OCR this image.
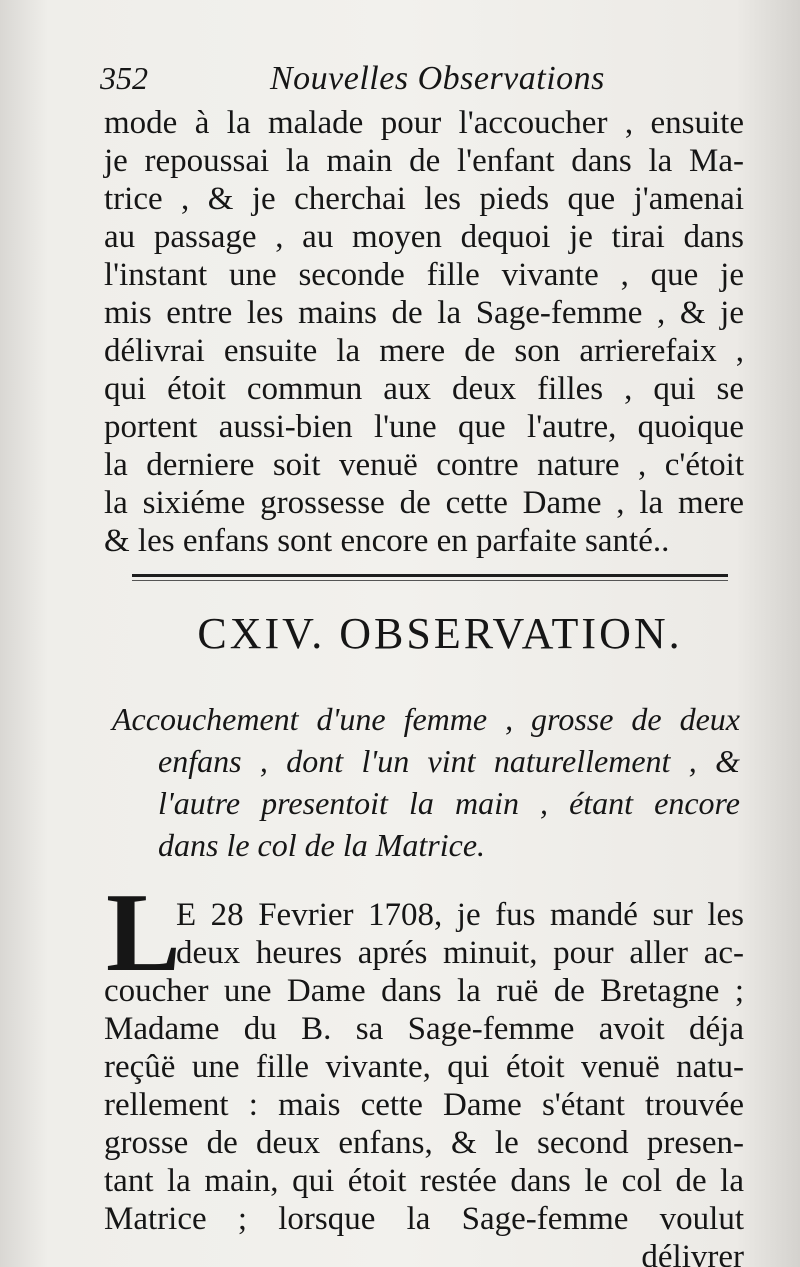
352	Nouvelles Observations
mode à la malade pour l'accoucher , ensuite
je repoussai la main de l'enfant dans la Ma-
trice , & je cherchai les pieds que j'amenai
au passage , au moyen dequoi je tirai dans
l'instant une seconde fille vivante , que je
mis entre les mains de la Sage-femme , & je
délivrai ensuite la mere de son arrierefaix ,
qui étoit commun aux deux filles , qui se
portent aussi-bien l'une que l'autre, quoique
la derniere soit venuë contre nature , c'étoit
la sixiéme grossesse de cette Dame , la mere
& les enfans sont encore en parfaite santé..
CXIV. OBSERVATION.
Accouchement d'une femme , grosse de deux
enfans , dont l'un vint naturellement , &
l'autre presentoit la main , étant encore
dans le col de la Matrice.
L
E 28 Fevrier 1708, je fus mandé sur les
deux heures aprés minuit, pour aller ac-
coucher une Dame dans la ruë de Bretagne ;
Madame du B. sa Sage-femme avoit déja
reçûë une fille vivante, qui étoit venuë natu-
rellement : mais cette Dame s'étant trouvée
grosse de deux enfans, & le second presen-
tant la main, qui étoit restée dans le col de la
Matrice ; lorsque la Sage-femme voulut
délivrer
